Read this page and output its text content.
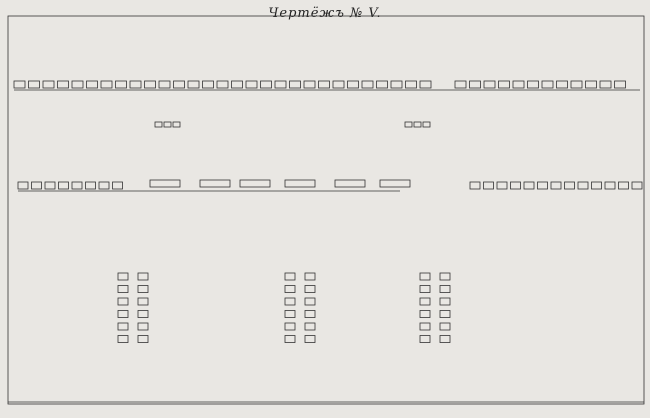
Чертёжъ № V.
